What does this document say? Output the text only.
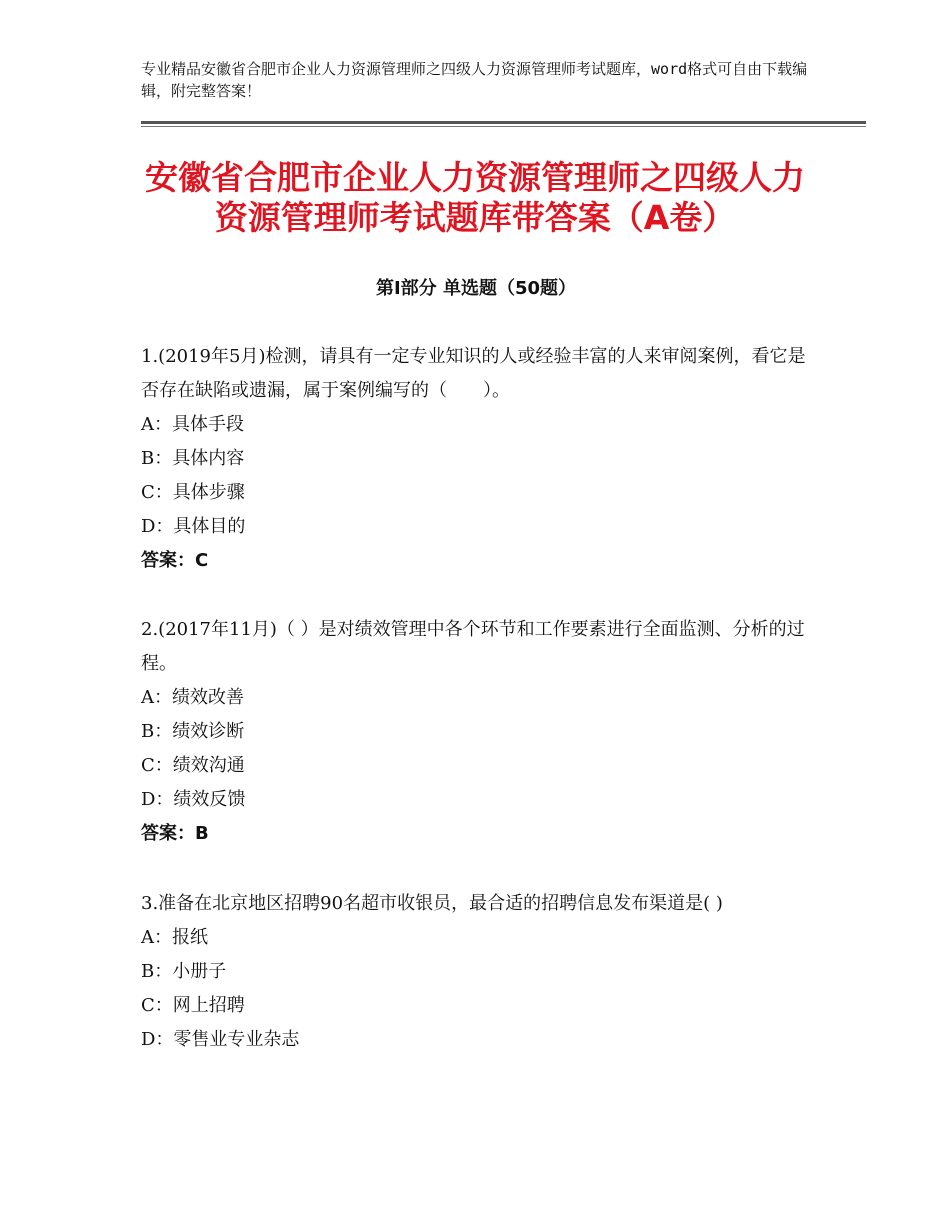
专业精品安徽省合肥市企业人力资源管理师之四级人力资源管理师考试题库，word格式可自由下载编辑，附完整答案！
安徽省合肥市企业人力资源管理师之四级人力资源管理师考试题库带答案（A卷）
第Ⅰ部分 单选题（50题）

1.(2019年5月)检测，请具有一定专业知识的人或经验丰富的人来审阅案例，看它是否存在缺陷或遗漏，属于案例编写的（　　）。

A：具体手段

B：具体内容

C：具体步骤

D：具体目的

答案：C

2.(2017年11月)（ ）是对绩效管理中各个环节和工作要素进行全面监测、分析的过程。

A：绩效改善

B：绩效诊断

C：绩效沟通

D：绩效反馈

答案：B

3.准备在北京地区招聘90名超市收银员，最合适的招聘信息发布渠道是( )

A：报纸

B：小册子

C：网上招聘

D：零售业专业杂志
